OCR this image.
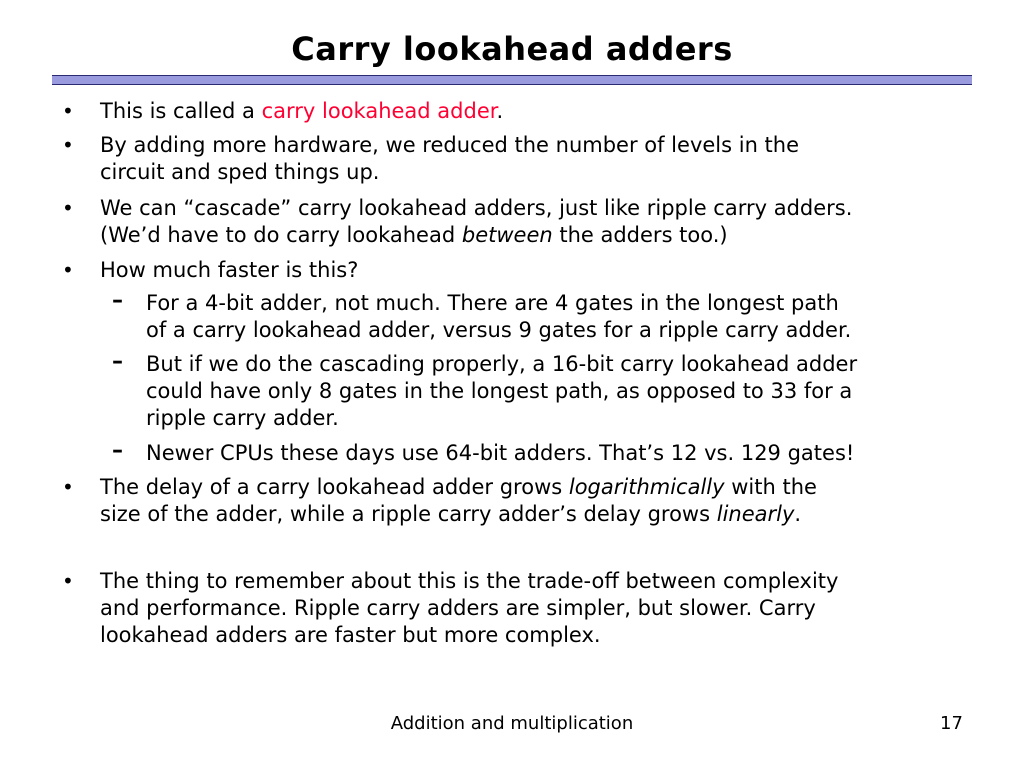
Carry lookahead adders
• This is called a carry lookahead adder.
• By adding more hardware, we reduced the number of levels in the
circuit and sped things up.
• We can “cascade” carry lookahead adders, just like ripple carry adders.
(We’d have to do carry lookahead between the adders too.)
• How much faster is this?
– For a 4-bit adder, not much. There are 4 gates in the longest path
of a carry lookahead adder, versus 9 gates for a ripple carry adder.
– But if we do the cascading properly, a 16-bit carry lookahead adder
could have only 8 gates in the longest path, as opposed to 33 for a
ripple carry adder.
– Newer CPUs these days use 64-bit adders. That’s 12 vs. 129 gates!
• The delay of a carry lookahead adder grows logarithmically with the
size of the adder, while a ripple carry adder’s delay grows linearly.
• The thing to remember about this is the trade-off between complexity
and performance. Ripple carry adders are simpler, but slower. Carry
lookahead adders are faster but more complex.
Addition and multiplication	17
